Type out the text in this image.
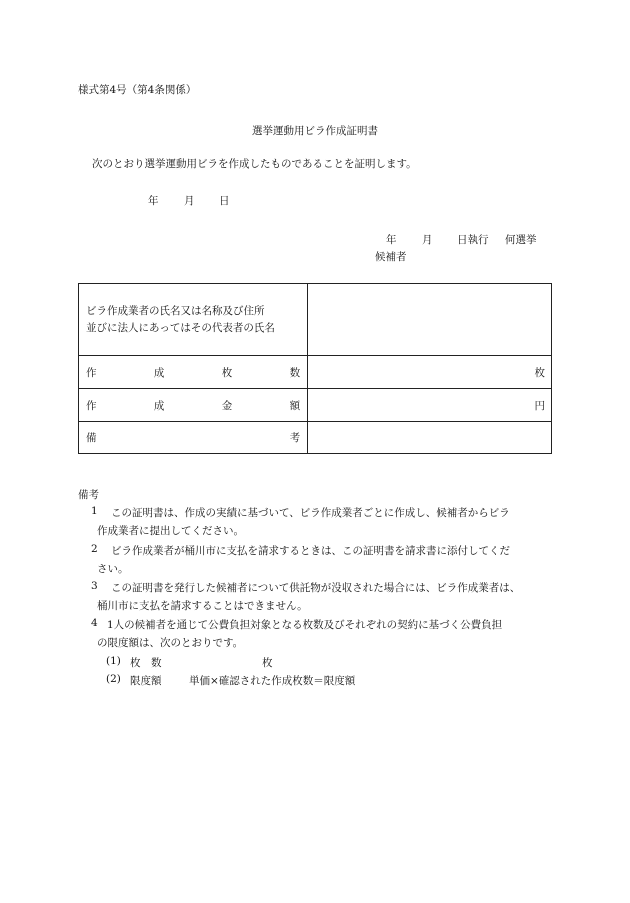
様式第4号（第4条関係）
選挙運動用ビラ作成証明書
次のとおり選挙運動用ビラを作成したものであることを証明します。
年 月 日
年 月 日執行 何選挙
候補者
ビラ作成業者の氏名又は名称及び住所
並びに法人にあってはその代表者の氏名	

作 成 枚 数	枚

作 成 金 額	円

備 考	

備考
1 この証明書は、作成の実績に基づいて、ビラ作成業者ごとに作成し、候補者からビラ
作成業者に提出してください。
2 ビラ作成業者が桶川市に支払を請求するときは、この証明書を請求書に添付してくだ
さい。
3 この証明書を発行した候補者について供託物が没収された場合には、ビラ作成業者は、
桶川市に支払を請求することはできません。
4 1人の候補者を通じて公費負担対象となる枚数及びそれぞれの契約に基づく公費負担
の限度額は、次のとおりです。
(1) 枚　数	枚
(2) 限度額	単価×確認された作成枚数＝限度額
